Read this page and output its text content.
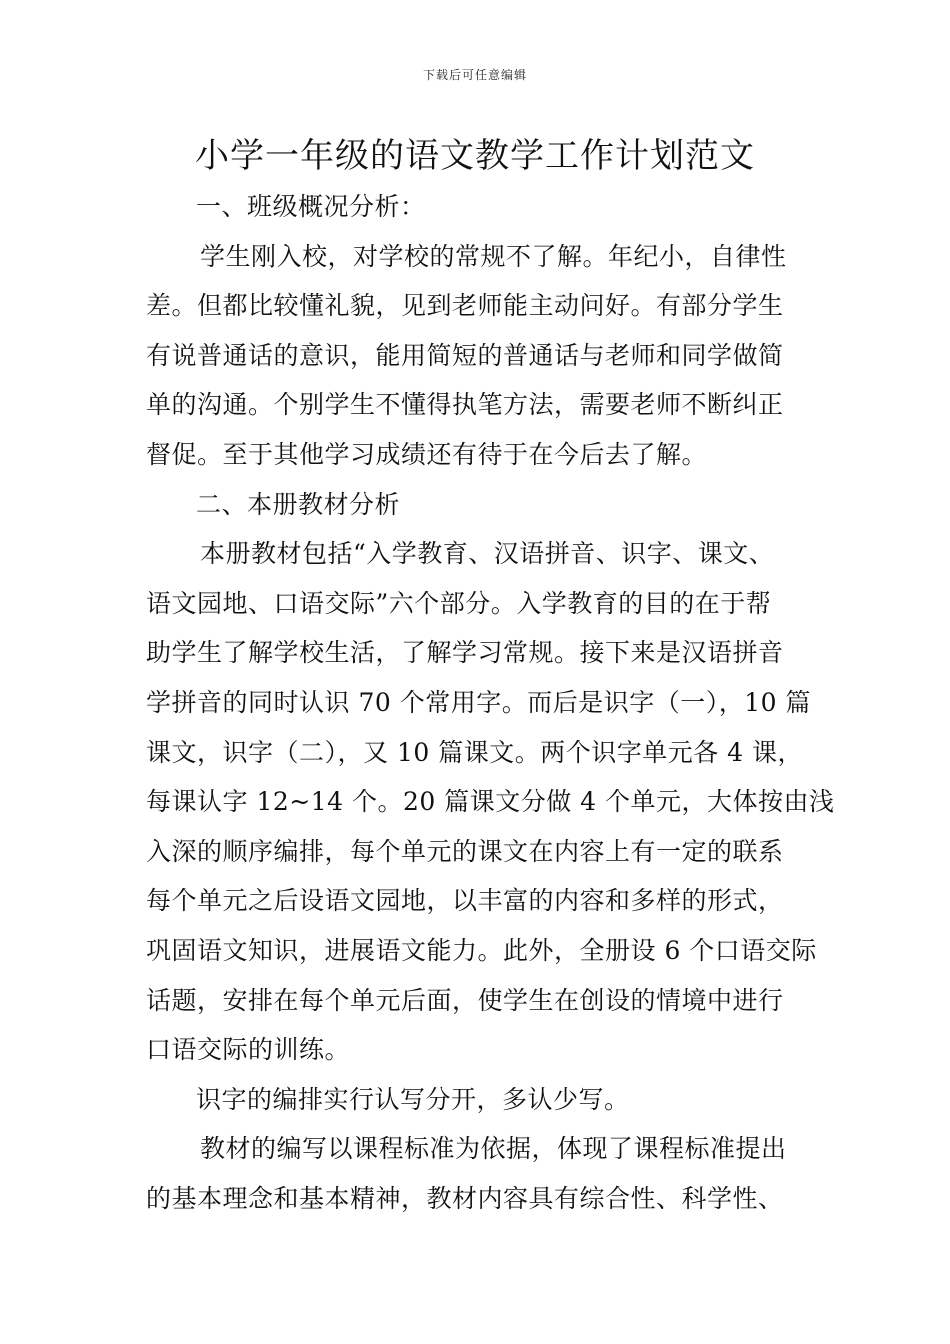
下载后可任意编辑
小学一年级的语文教学工作计划范文
一、班级概况分析：
学生刚入校，对学校的常规不了解。年纪小，自律性
差。但都比较懂礼貌，见到老师能主动问好。有部分学生
有说普通话的意识，能用简短的普通话与老师和同学做简
单的沟通。个别学生不懂得执笔方法，需要老师不断纠正
督促。至于其他学习成绩还有待于在今后去了解。
二、本册教材分析
本册教材包括“入学教育、汉语拼音、识字、课文、
语文园地、口语交际”六个部分。入学教育的目的在于帮
助学生了解学校生活，了解学习常规。接下来是汉语拼音
学拼音的同时认识 70 个常用字。而后是识字（一），10 篇
课文，识字（二），又 10 篇课文。两个识字单元各 4 课，
每课认字 12~14 个。20 篇课文分做 4 个单元，大体按由浅
入深的顺序编排，每个单元的课文在内容上有一定的联系
每个单元之后设语文园地，以丰富的内容和多样的形式，
巩固语文知识，进展语文能力。此外，全册设 6 个口语交际
话题，安排在每个单元后面，使学生在创设的情境中进行
口语交际的训练。
识字的编排实行认写分开，多认少写。
教材的编写以课程标准为依据，体现了课程标准提出
的基本理念和基本精神，教材内容具有综合性、科学性、
